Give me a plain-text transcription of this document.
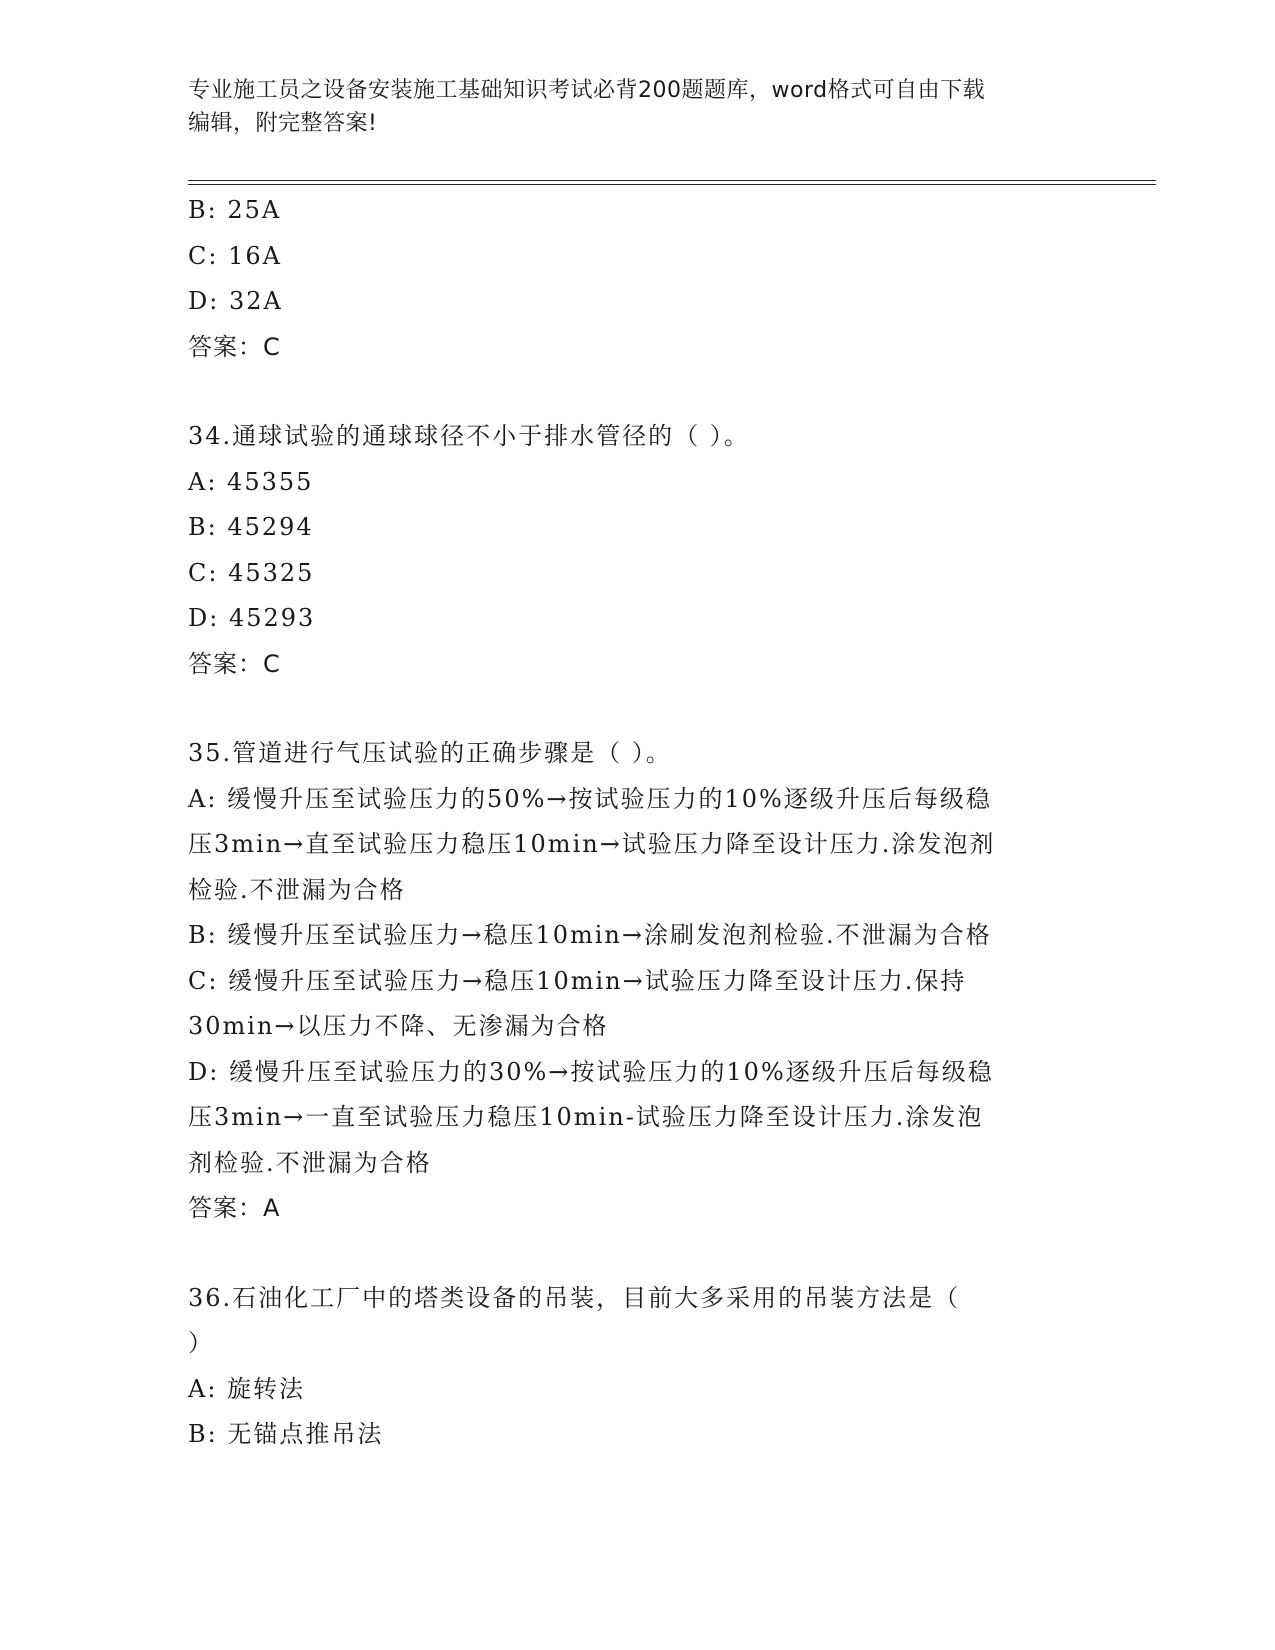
专业施工员之设备安装施工基础知识考试必背200题题库，word格式可自由下载
编辑，附完整答案!
B: 25A
C: 16A
D: 32A
答案：C
34.通球试验的通球球径不小于排水管径的（ ）。
A: 45355
B: 45294
C: 45325
D: 45293
答案：C
35.管道进行气压试验的正确步骤是（ ）。
A: 缓慢升压至试验压力的50%→按试验压力的10%逐级升压后每级稳
压3min→直至试验压力稳压10min→试验压力降至设计压力.涂发泡剂
检验.不泄漏为合格
B: 缓慢升压至试验压力→稳压10min→涂刷发泡剂检验.不泄漏为合格
C: 缓慢升压至试验压力→稳压10min→试验压力降至设计压力.保持
30min→以压力不降、无渗漏为合格
D: 缓慢升压至试验压力的30%→按试验压力的10%逐级升压后每级稳
压3min→一直至试验压力稳压10min-试验压力降至设计压力.涂发泡
剂检验.不泄漏为合格
答案：A
36.石油化工厂中的塔类设备的吊装，目前大多采用的吊装方法是（
）
A: 旋转法
B: 无锚点推吊法
